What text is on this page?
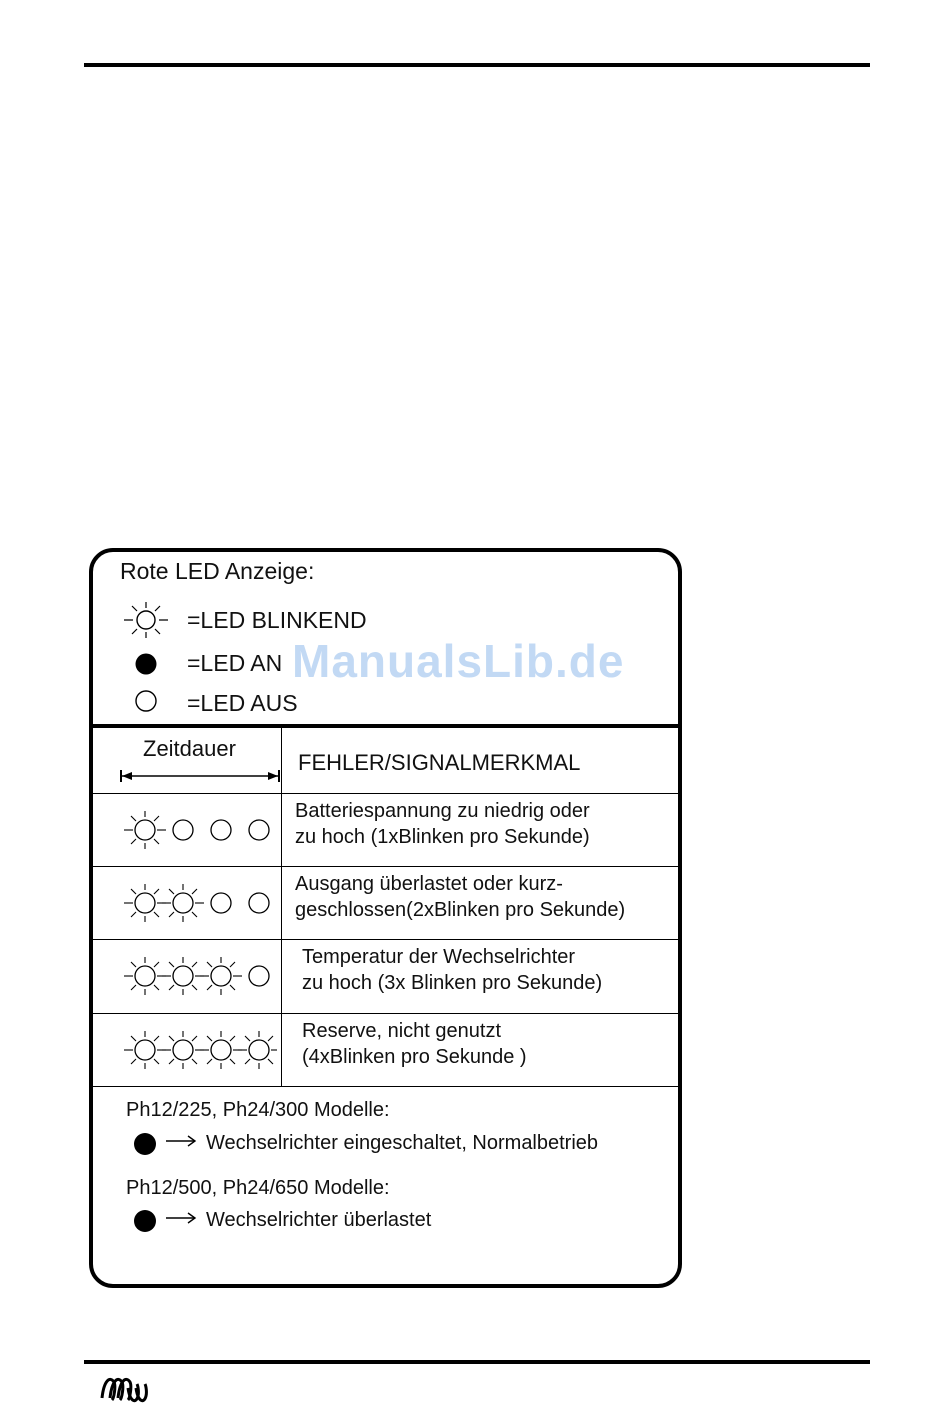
Rote LED Anzeige:
=LED BLINKEND
=LED AN
=LED AUS
ManualsLib.de
Zeitdauer
FEHLER/SIGNALMERKMAL
Batteriespannung zu niedrig oder
zu hoch (1xBlinken pro Sekunde)
Ausgang überlastet oder kurz-
geschlossen(2xBlinken pro Sekunde)
Temperatur der Wechselrichter
zu hoch (3x Blinken pro Sekunde)
Reserve, nicht genutzt
(4xBlinken pro Sekunde )
Ph12/225, Ph24/300 Modelle:
Wechselrichter eingeschaltet, Normalbetrieb
Ph12/500, Ph24/650 Modelle:
Wechselrichter überlastet
